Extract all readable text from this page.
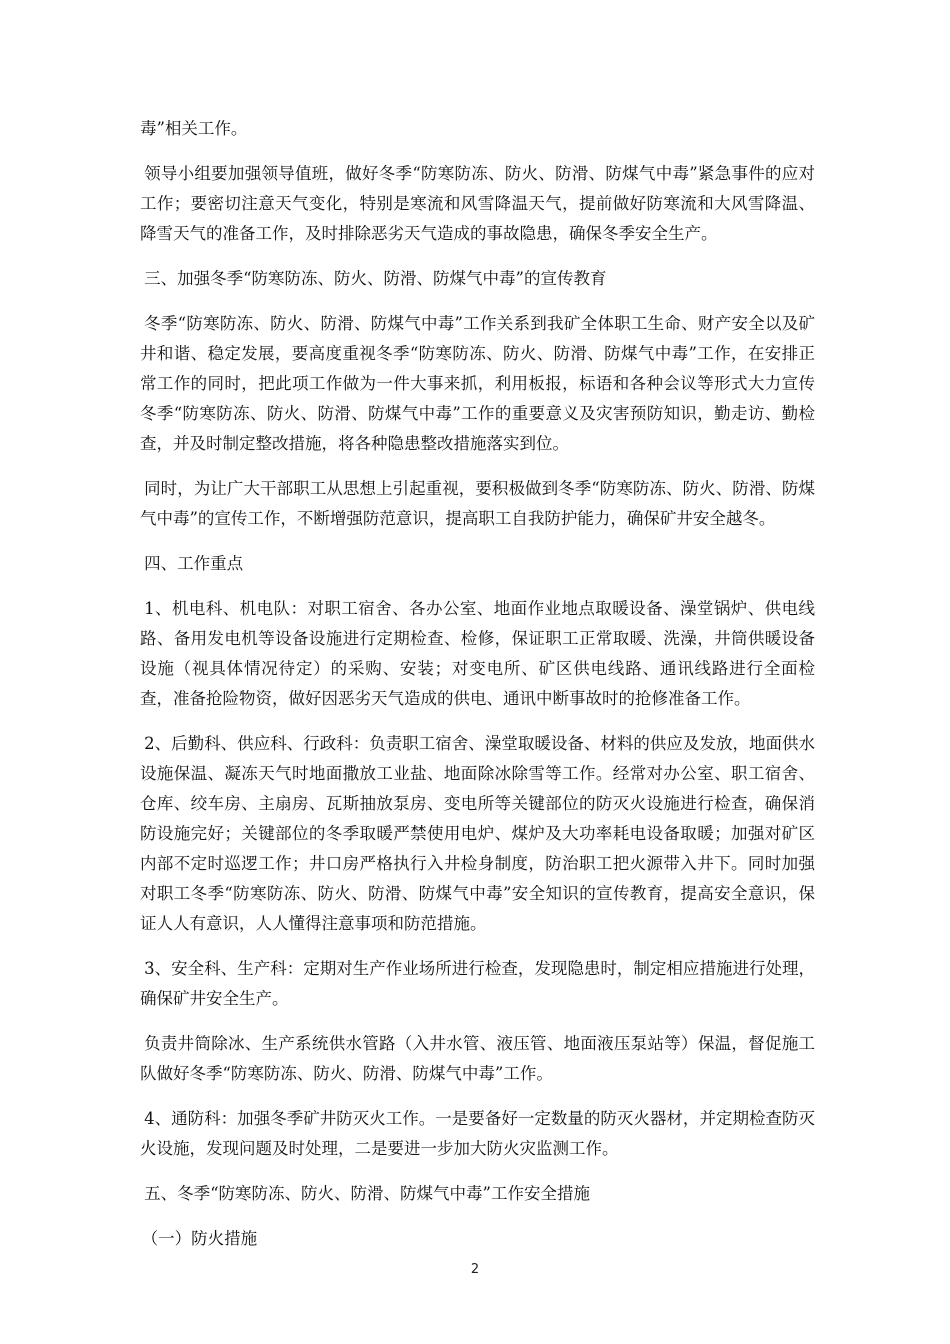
毒”相关工作。

领导小组要加强领导值班，做好冬季“防寒防冻、防火、防滑、防煤气中毒”紧急事件的应对工作；要密切注意天气变化，特别是寒流和风雪降温天气，提前做好防寒流和大风雪降温、降雪天气的准备工作，及时排除恶劣天气造成的事故隐患，确保冬季安全生产。

三、加强冬季“防寒防冻、防火、防滑、防煤气中毒”的宣传教育

冬季“防寒防冻、防火、防滑、防煤气中毒”工作关系到我矿全体职工生命、财产安全以及矿井和谐、稳定发展，要高度重视冬季“防寒防冻、防火、防滑、防煤气中毒”工作，在安排正常工作的同时，把此项工作做为一件大事来抓，利用板报，标语和各种会议等形式大力宣传冬季“防寒防冻、防火、防滑、防煤气中毒”工作的重要意义及灾害预防知识，勤走访、勤检查，并及时制定整改措施，将各种隐患整改措施落实到位。

同时，为让广大干部职工从思想上引起重视，要积极做到冬季“防寒防冻、防火、防滑、防煤气中毒”的宣传工作，不断增强防范意识，提高职工自我防护能力，确保矿井安全越冬。

四、工作重点

1、机电科、机电队：对职工宿舍、各办公室、地面作业地点取暖设备、澡堂锅炉、供电线路、备用发电机等设备设施进行定期检查、检修，保证职工正常取暖、洗澡，井筒供暖设备设施（视具体情况待定）的采购、安装；对变电所、矿区供电线路、通讯线路进行全面检查，准备抢险物资，做好因恶劣天气造成的供电、通讯中断事故时的抢修准备工作。

2、后勤科、供应科、行政科：负责职工宿舍、澡堂取暖设备、材料的供应及发放，地面供水设施保温、凝冻天气时地面撒放工业盐、地面除冰除雪等工作。经常对办公室、职工宿舍、仓库、绞车房、主扇房、瓦斯抽放泵房、变电所等关键部位的防灭火设施进行检查，确保消防设施完好；关键部位的冬季取暖严禁使用电炉、煤炉及大功率耗电设备取暖；加强对矿区内部不定时巡逻工作；井口房严格执行入井检身制度，防治职工把火源带入井下。同时加强对职工冬季“防寒防冻、防火、防滑、防煤气中毒”安全知识的宣传教育，提高安全意识，保证人人有意识，人人懂得注意事项和防范措施。

3、安全科、生产科：定期对生产作业场所进行检查，发现隐患时，制定相应措施进行处理，确保矿井安全生产。

负责井筒除冰、生产系统供水管路（入井水管、液压管、地面液压泵站等）保温，督促施工队做好冬季“防寒防冻、防火、防滑、防煤气中毒”工作。

4、通防科：加强冬季矿井防灭火工作。一是要备好一定数量的防灭火器材，并定期检查防灭火设施，发现问题及时处理，二是要进一步加大防火灾监测工作。

五、冬季“防寒防冻、防火、防滑、防煤气中毒”工作安全措施

（一）防火措施

2
